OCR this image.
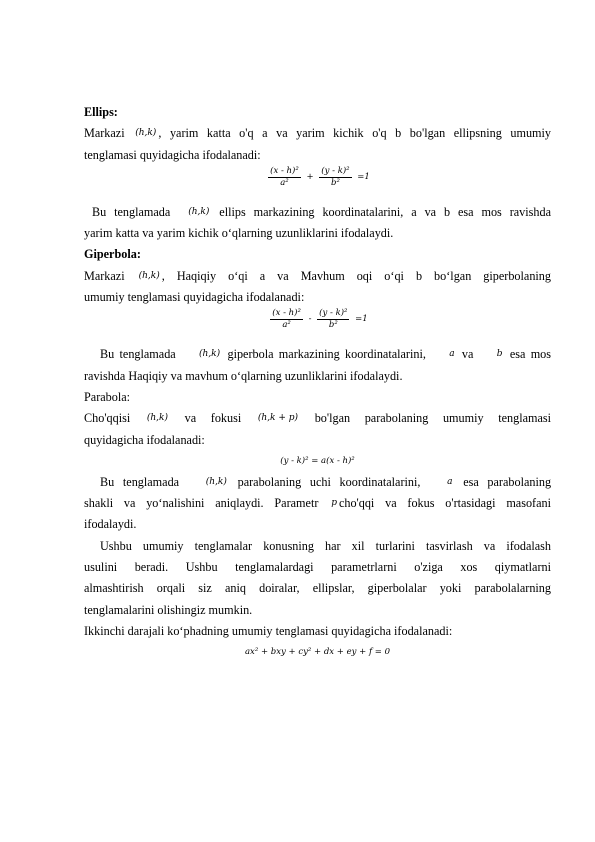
Ellips:

Markazi (h,k) , yarim katta o'q a va yarim kichik o'q b bo'lgan ellipsning umumiy

tenglamasi quyidagicha ifodalanadi:

$\frac{\text{(x - h)²}}{\text{a²}} + \frac{\text{(y - k)²}}{\text{b²}} =1$

Bu tenglamada (h,k) ellips markazining koordinatalarini, a va b esa mos ravishda

yarim katta va yarim kichik o‘qlarning uzunliklarini ifodalaydi.

Giperbola:

Markazi (h,k) , Haqiqiy o‘qi a va Mavhum oqi o‘qi b bo‘lgan giperbolaning

umumiy tenglamasi quyidagicha ifodalanadi:

$\frac{\text{(x - h)²}}{\text{a²}} - \frac{\text{(y - k)²}}{\text{b²}} =1$

Bu tenglamada	(h,k) giperbola markazining koordinatalarini,	a va	b esa mos

ravishda Haqiqiy va mavhum o‘qlarning uzunliklarini ifodalaydi.

Parabola:

Cho'qqisi (h,k) va fokusi (h,k + p) bo'lgan parabolaning umumiy tenglamasi

quyidagicha ifodalanadi:

(y - k)² = a(x - h)²

Bu tenglamada	(h,k) parabolaning uchi koordinatalarini,	a esa parabolaning

shakli va yo‘nalishini aniqlaydi. Parametr p cho'qqi va fokus o'rtasidagi masofani

ifodalaydi.

Ushbu umumiy tenglamalar konusning har xil turlarini tasvirlash va ifodalash

usulini beradi. Ushbu tenglamalardagi parametrlarni o'ziga xos qiymatlarni

almashtirish orqali siz aniq doiralar, ellipslar, giperbolalar yoki parabolalarning

tenglamalarini olishingiz mumkin.

Ikkinchi darajali ko‘phadning umumiy tenglamasi quyidagicha ifodalanadi:

ax² + bxy + cy² + dx + ey + f = 0
